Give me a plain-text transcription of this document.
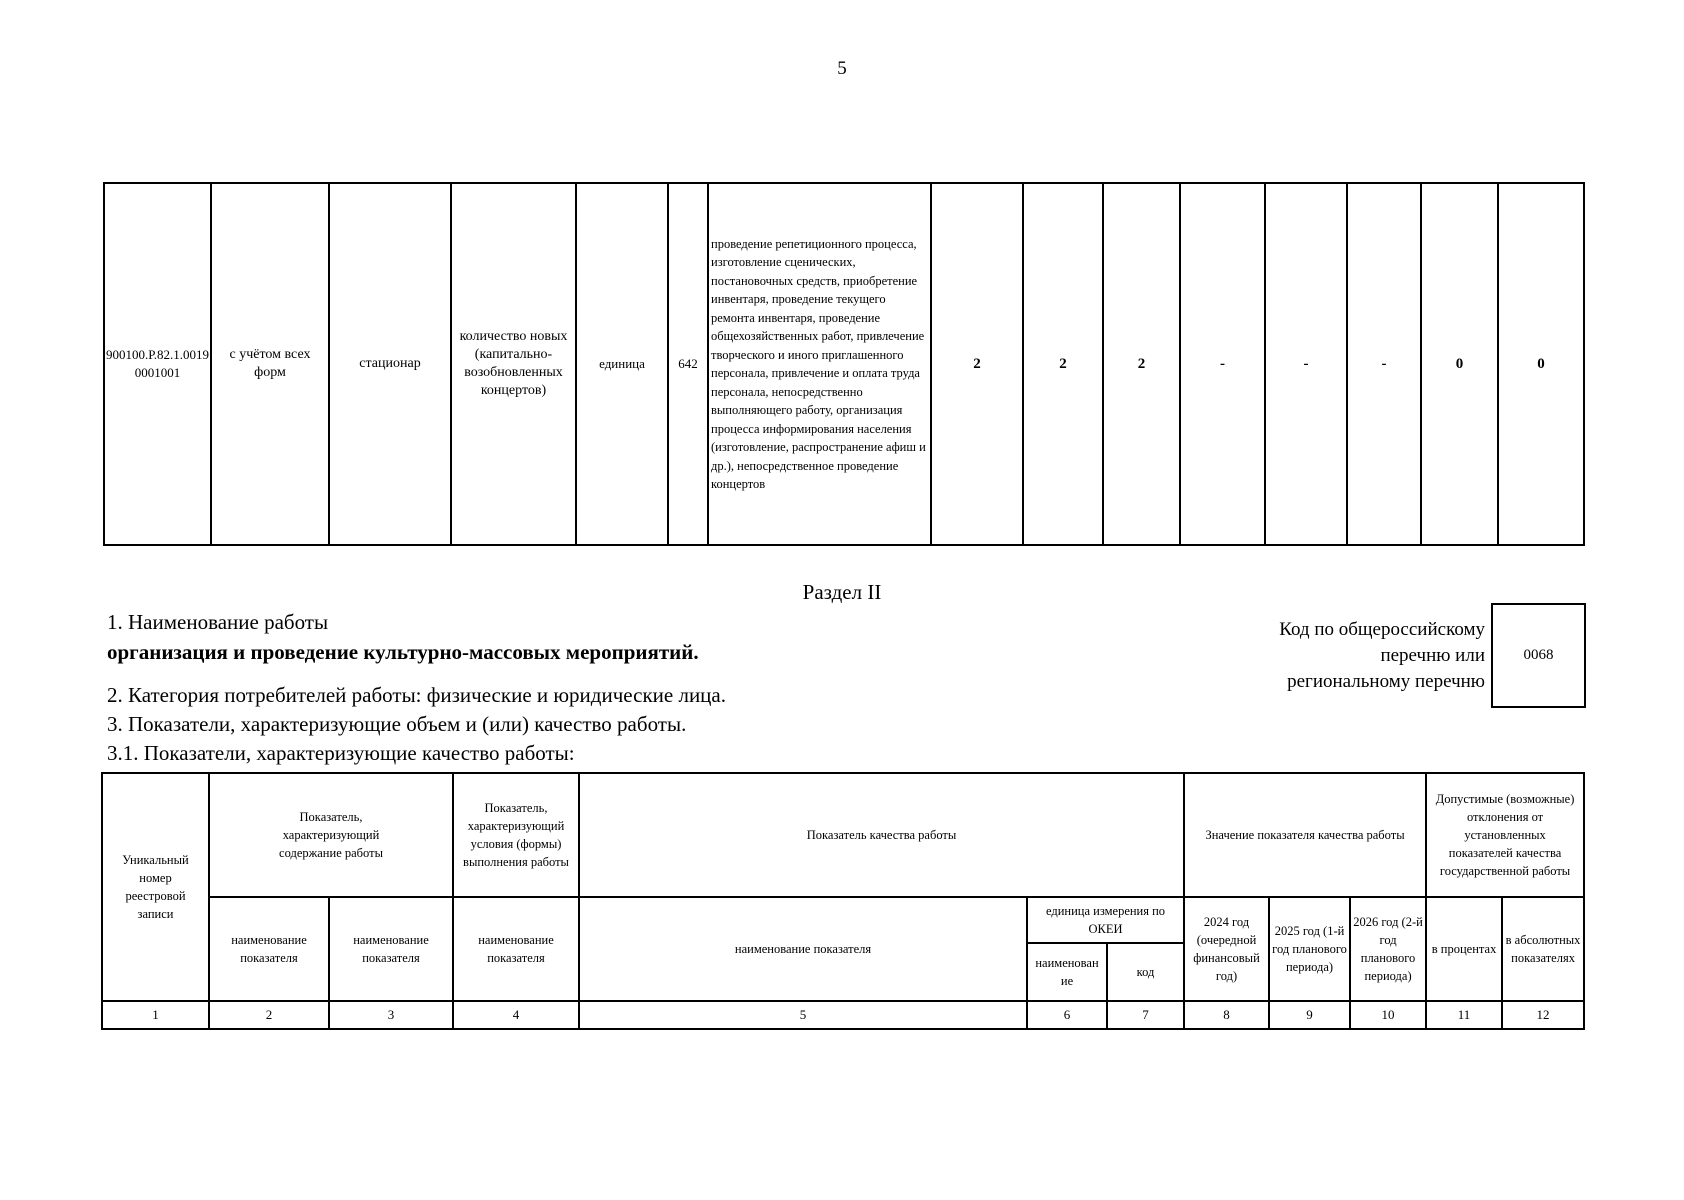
5
900100.Р.82.1.00190001001	с учётом всех форм	стационар	количество новых (капитально-возобновленных концертов)	единица	642	проведение репетиционного процесса, изготовление сценических, постановочных средств, приобретение инвентаря, проведение текущего ремонта инвентаря, проведение общехозяйственных работ, привлечение творческого и иного приглашенного персонала, привлечение и оплата труда персонала, непосредственно выполняющего работу, организация процесса информирования населения (изготовление, распространение афиш и др.), непосредственное проведение концертов	2	2	2	-	-	-	0	0
Раздел II
1. Наименование работы
организация и проведение культурно-массовых мероприятий.
2. Категория потребителей работы: физические и юридические лица.
3. Показатели, характеризующие объем и (или) качество работы.
3.1. Показатели, характеризующие качество работы:
Код по общероссийскому перечню или региональному перечню
0068
Уникальный номер реестровой записи	Показатель, характеризующий содержание работы		Показатель, характеризующий условия (формы) выполнения работы	Показатель качества работы			Значение показателя качества работы			Допустимые (возможные) отклонения от установленных показателей качества государственной работы	
	наименование показателя	наименование показателя	наименование показателя	наименование показателя	единица измерения по ОКЕИ		2024 год (очередной финансовый год)	2025 год (1-й год планового периода)	2026 год (2-й год планового периода)	в процентах	в абсолютных показателях
					наименован ие	код					
1	2	3	4	5	6	7	8	9	10	11	12
